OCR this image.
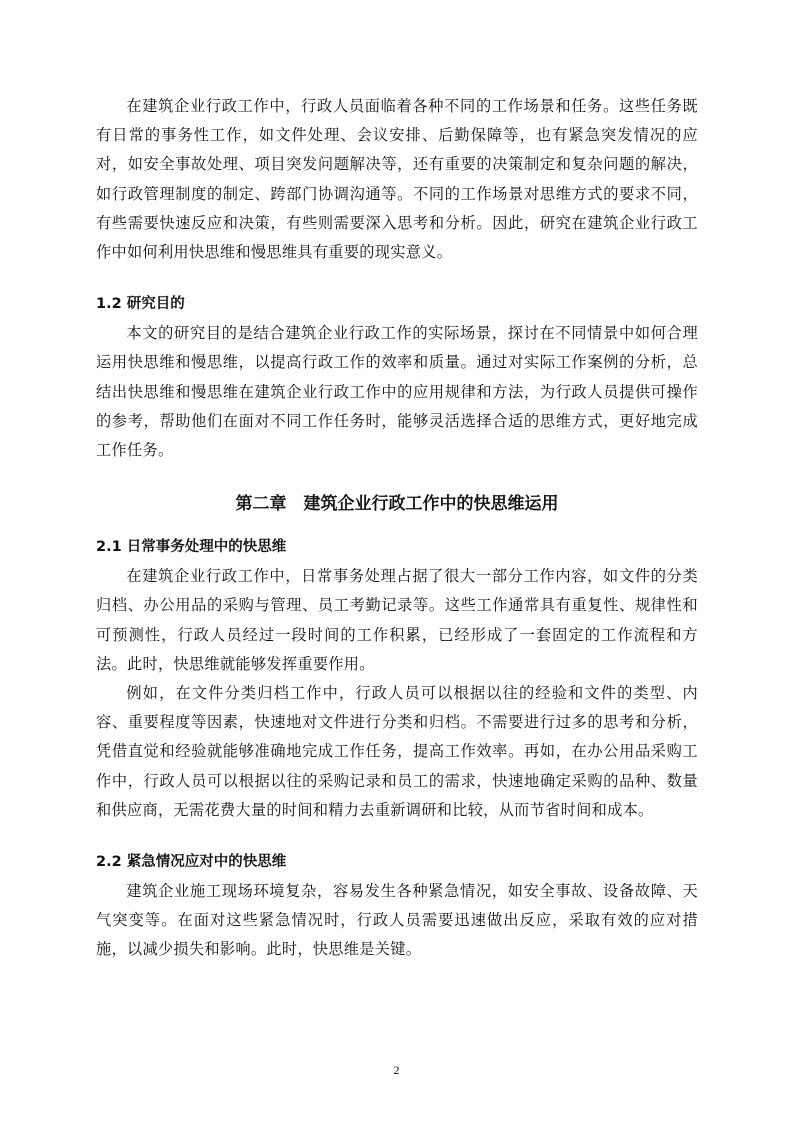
在建筑企业行政工作中，行政人员面临着各种不同的工作场景和任务。这些任务既有日常的事务性工作，如文件处理、会议安排、后勤保障等，也有紧急突发情况的应对，如安全事故处理、项目突发问题解决等，还有重要的决策制定和复杂问题的解决，如行政管理制度的制定、跨部门协调沟通等。不同的工作场景对思维方式的要求不同，有些需要快速反应和决策，有些则需要深入思考和分析。因此，研究在建筑企业行政工作中如何利用快思维和慢思维具有重要的现实意义。

1.2 研究目的

本文的研究目的是结合建筑企业行政工作的实际场景，探讨在不同情景中如何合理运用快思维和慢思维，以提高行政工作的效率和质量。通过对实际工作案例的分析，总结出快思维和慢思维在建筑企业行政工作中的应用规律和方法，为行政人员提供可操作的参考，帮助他们在面对不同工作任务时，能够灵活选择合适的思维方式，更好地完成工作任务。

第二章　建筑企业行政工作中的快思维运用
2.1 日常事务处理中的快思维

在建筑企业行政工作中，日常事务处理占据了很大一部分工作内容，如文件的分类归档、办公用品的采购与管理、员工考勤记录等。这些工作通常具有重复性、规律性和可预测性，行政人员经过一段时间的工作积累，已经形成了一套固定的工作流程和方法。此时，快思维就能够发挥重要作用。

例如，在文件分类归档工作中，行政人员可以根据以往的经验和文件的类型、内容、重要程度等因素，快速地对文件进行分类和归档。不需要进行过多的思考和分析，凭借直觉和经验就能够准确地完成工作任务，提高工作效率。再如，在办公用品采购工作中，行政人员可以根据以往的采购记录和员工的需求，快速地确定采购的品种、数量和供应商，无需花费大量的时间和精力去重新调研和比较，从而节省时间和成本。

2.2 紧急情况应对中的快思维

建筑企业施工现场环境复杂，容易发生各种紧急情况，如安全事故、设备故障、天气突变等。在面对这些紧急情况时，行政人员需要迅速做出反应，采取有效的应对措施，以减少损失和影响。此时，快思维是关键。

2
